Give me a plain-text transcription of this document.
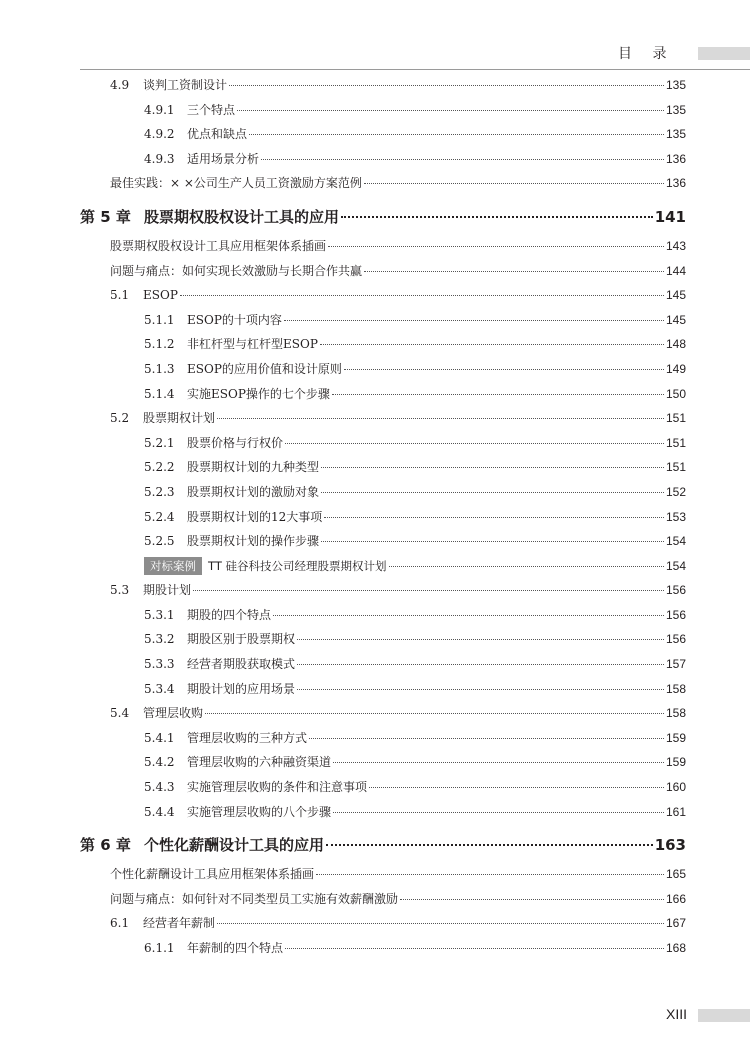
目 录
4.9	谈判工资制设计	135
4.9.1	三个特点	135
4.9.2	优点和缺点	135
4.9.3	适用场景分析	136
最佳实践：× ×公司生产人员工资激励方案范例	136
第 5 章 股票期权股权设计工具的应用	141
股票期权股权设计工具应用框架体系插画	143
问题与痛点：如何实现长效激励与长期合作共赢	144
5.1	ESOP	145
5.1.1	ESOP的十项内容	145
5.1.2	非杠杆型与杠杆型ESOP	148
5.1.3	ESOP的应用价值和设计原则	149
5.1.4	实施ESOP操作的七个步骤	150
5.2	股票期权计划	151
5.2.1	股票价格与行权价	151
5.2.2	股票期权计划的九种类型	151
5.2.3	股票期权计划的激励对象	152
5.2.4	股票期权计划的12大事项	153
5.2.5	股票期权计划的操作步骤	154
对标案例	TT 硅谷科技公司经理股票期权计划	154
5.3	期股计划	156
5.3.1	期股的四个特点	156
5.3.2	期股区别于股票期权	156
5.3.3	经营者期股获取模式	157
5.3.4	期股计划的应用场景	158
5.4	管理层收购	158
5.4.1	管理层收购的三种方式	159
5.4.2	管理层收购的六种融资渠道	159
5.4.3	实施管理层收购的条件和注意事项	160
5.4.4	实施管理层收购的八个步骤	161
第 6 章 个性化薪酬设计工具的应用	163
个性化薪酬设计工具应用框架体系插画	165
问题与痛点：如何针对不同类型员工实施有效薪酬激励	166
6.1	经营者年薪制	167
6.1.1	年薪制的四个特点	168
XIII
